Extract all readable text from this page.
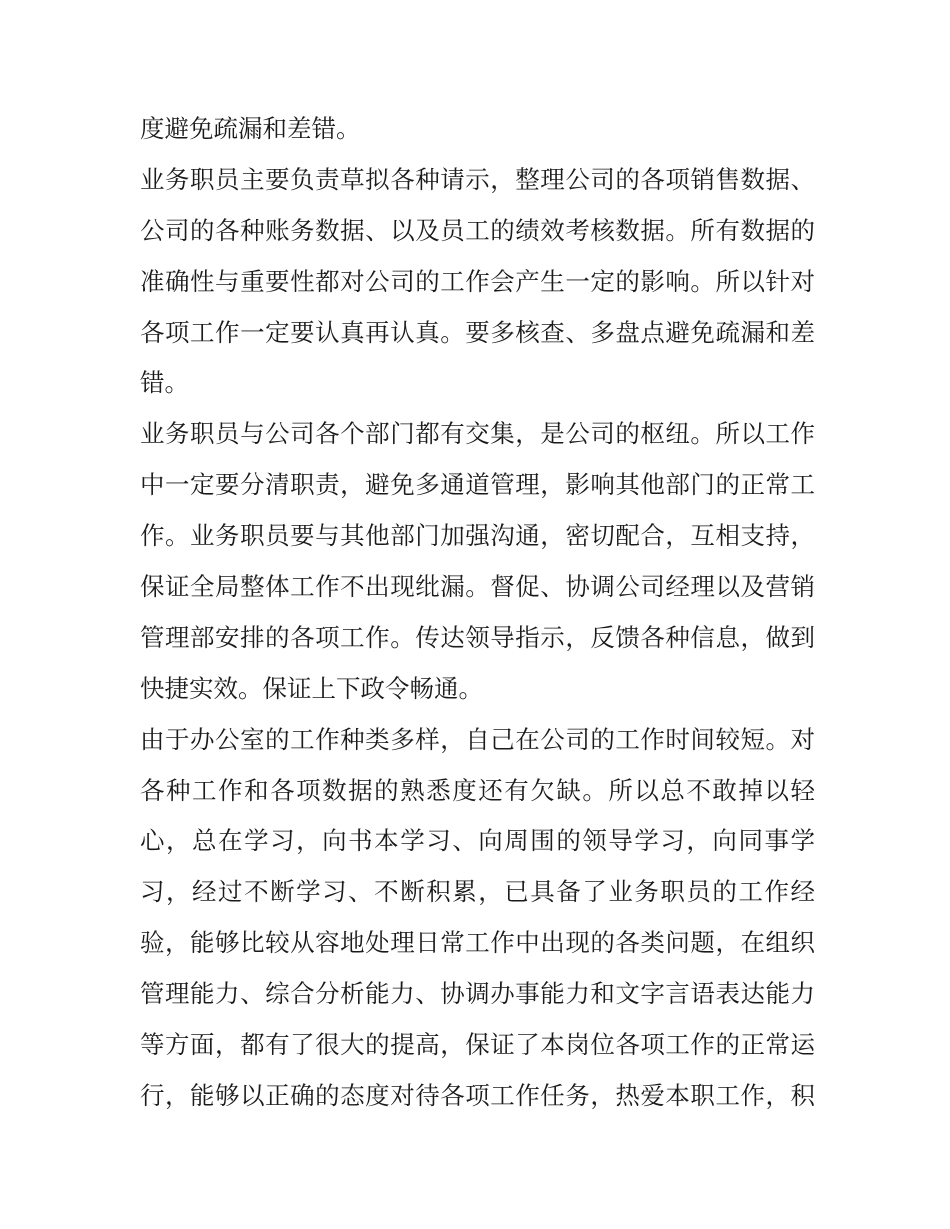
度避免疏漏和差错。
业务职员主要负责草拟各种请示，整理公司的各项销售数据、
公司的各种账务数据、以及员工的绩效考核数据。所有数据的
准确性与重要性都对公司的工作会产生一定的影响。所以针对
各项工作一定要认真再认真。要多核查、多盘点避免疏漏和差
错。
业务职员与公司各个部门都有交集，是公司的枢纽。所以工作
中一定要分清职责，避免多通道管理，影响其他部门的正常工
作。业务职员要与其他部门加强沟通，密切配合，互相支持，
保证全局整体工作不出现纰漏。督促、协调公司经理以及营销
管理部安排的各项工作。传达领导指示，反馈各种信息，做到
快捷实效。保证上下政令畅通。
由于办公室的工作种类多样，自己在公司的工作时间较短。对
各种工作和各项数据的熟悉度还有欠缺。所以总不敢掉以轻
心，总在学习，向书本学习、向周围的领导学习，向同事学
习，经过不断学习、不断积累，已具备了业务职员的工作经
验，能够比较从容地处理日常工作中出现的各类问题，在组织
管理能力、综合分析能力、协调办事能力和文字言语表达能力
等方面，都有了很大的提高，保证了本岗位各项工作的正常运
行，能够以正确的态度对待各项工作任务，热爱本职工作，积
